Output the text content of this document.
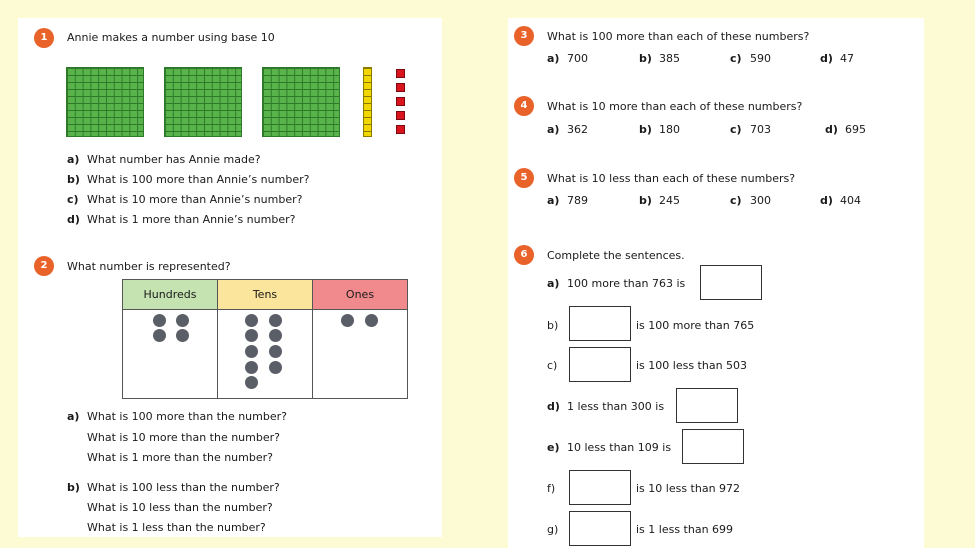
1	Annie makes a number using base 10
a) What number has Annie made?
b) What is 100 more than Annie’s number?
c) What is 10 more than Annie’s number?
d) What is 1 more than Annie’s number?
2	What number is represented?
Hundreds	Tens	Ones

a) What is 100 more than the number?
What is 10 more than the number?
What is 1 more than the number?
b) What is 100 less than the number?
What is 10 less than the number?
What is 1 less than the number?
3	What is 100 more than each of these numbers?
a) 700	b) 385	c) 590	d) 47
4	What is 10 more than each of these numbers?
a) 362	b) 180	c) 703	d) 695
5	What is 10 less than each of these numbers?
a) 789	b) 245	c) 300	d) 404
6	Complete the sentences.
a) 100 more than 763 is
b)	is 100 more than 765
c)	is 100 less than 503
d) 1 less than 300 is
e) 10 less than 109 is
f)	is 10 less than 972
g)	is 1 less than 699
